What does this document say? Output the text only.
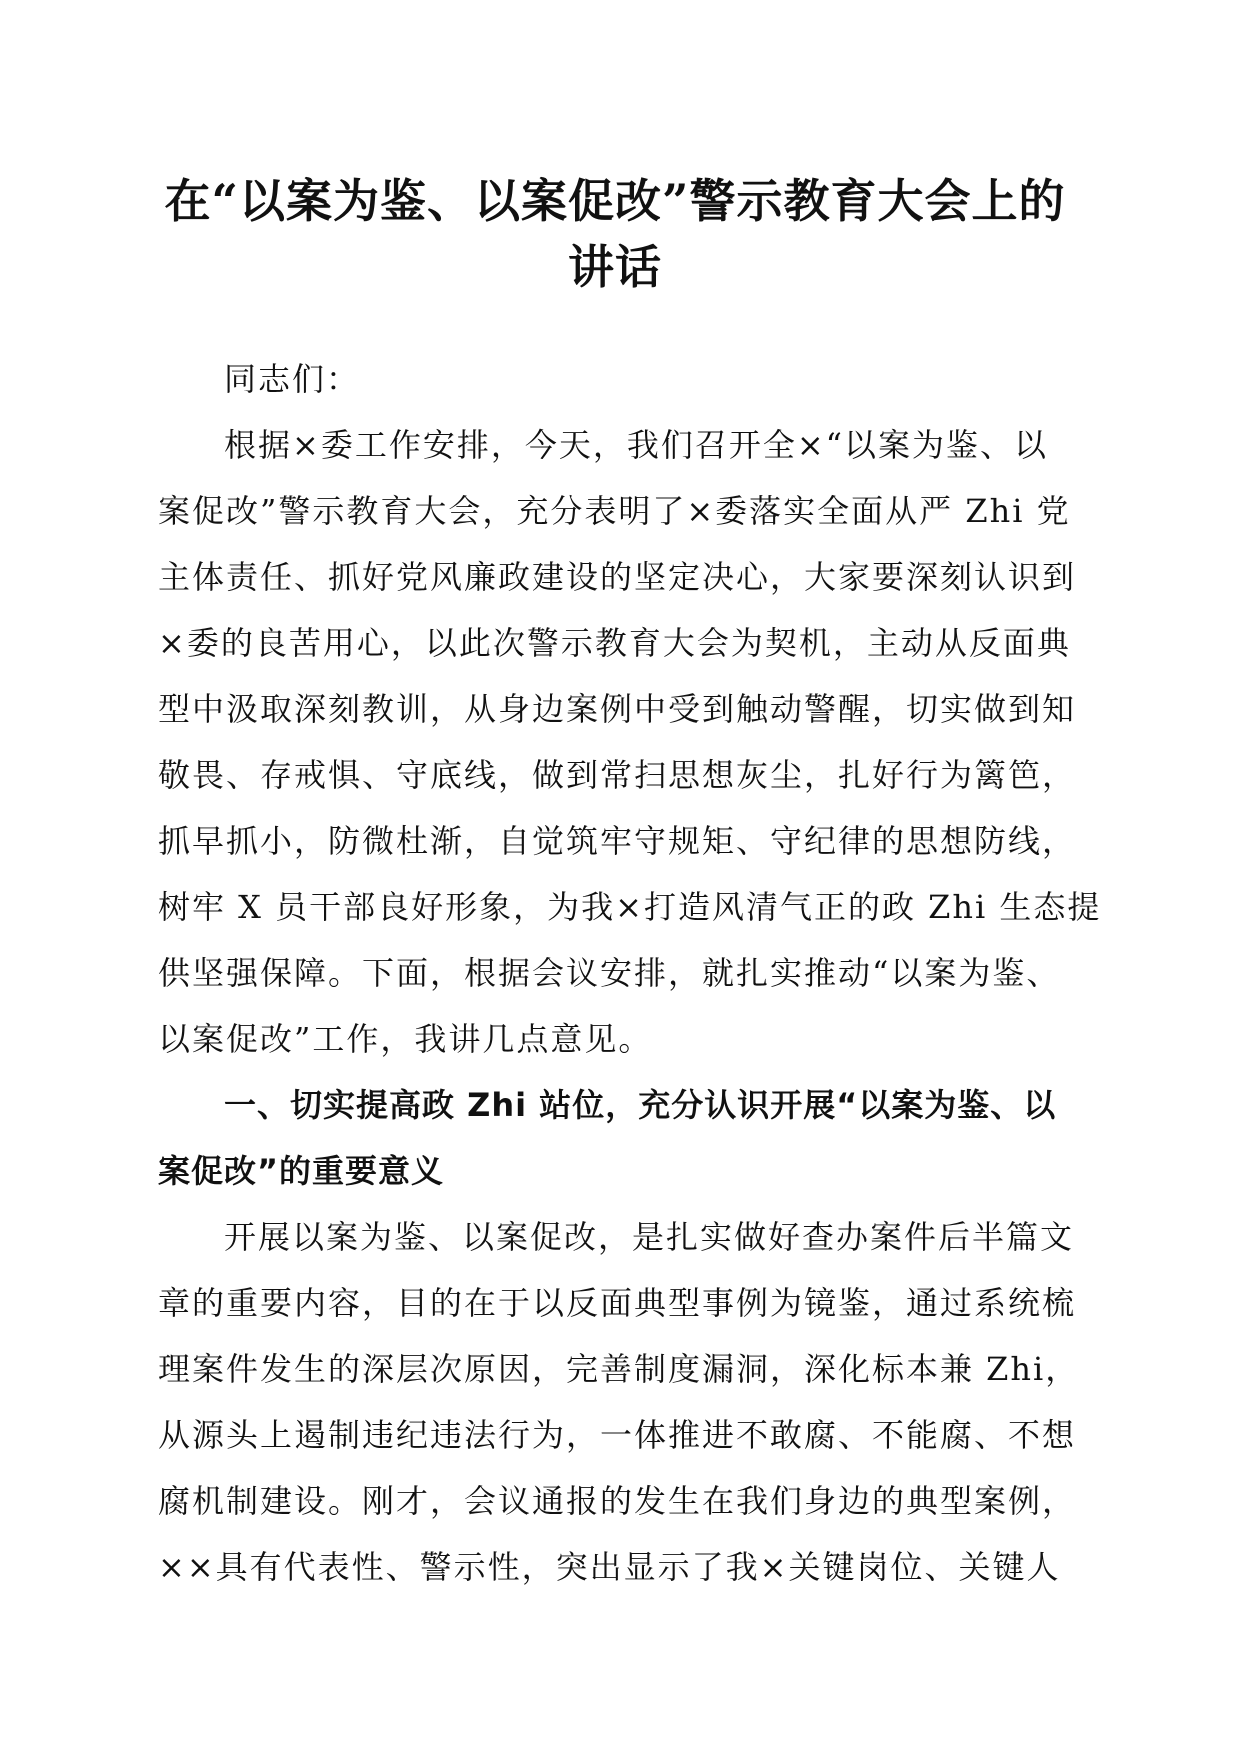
在“以案为鉴、以案促改”警示教育大会上的
讲话

同志们：

根据×委工作安排，今天，我们召开全×“以案为鉴、以
案促改”警示教育大会，充分表明了×委落实全面从严 Zhi 党
主体责任、抓好党风廉政建设的坚定决心，大家要深刻认识到
×委的良苦用心，以此次警示教育大会为契机，主动从反面典
型中汲取深刻教训，从身边案例中受到触动警醒，切实做到知
敬畏、存戒惧、守底线，做到常扫思想灰尘，扎好行为篱笆，
抓早抓小，防微杜渐，自觉筑牢守规矩、守纪律的思想防线，
树牢 X 员干部良好形象，为我×打造风清气正的政 Zhi 生态提
供坚强保障。下面，根据会议安排，就扎实推动“以案为鉴、
以案促改”工作，我讲几点意见。

一、切实提高政 Zhi 站位，充分认识开展“以案为鉴、以
案促改”的重要意义

开展以案为鉴、以案促改，是扎实做好查办案件后半篇文
章的重要内容，目的在于以反面典型事例为镜鉴，通过系统梳
理案件发生的深层次原因，完善制度漏洞，深化标本兼 Zhi，
从源头上遏制违纪违法行为，一体推进不敢腐、不能腐、不想
腐机制建设。刚才，会议通报的发生在我们身边的典型案例，
××具有代表性、警示性，突出显示了我×关键岗位、关键人
